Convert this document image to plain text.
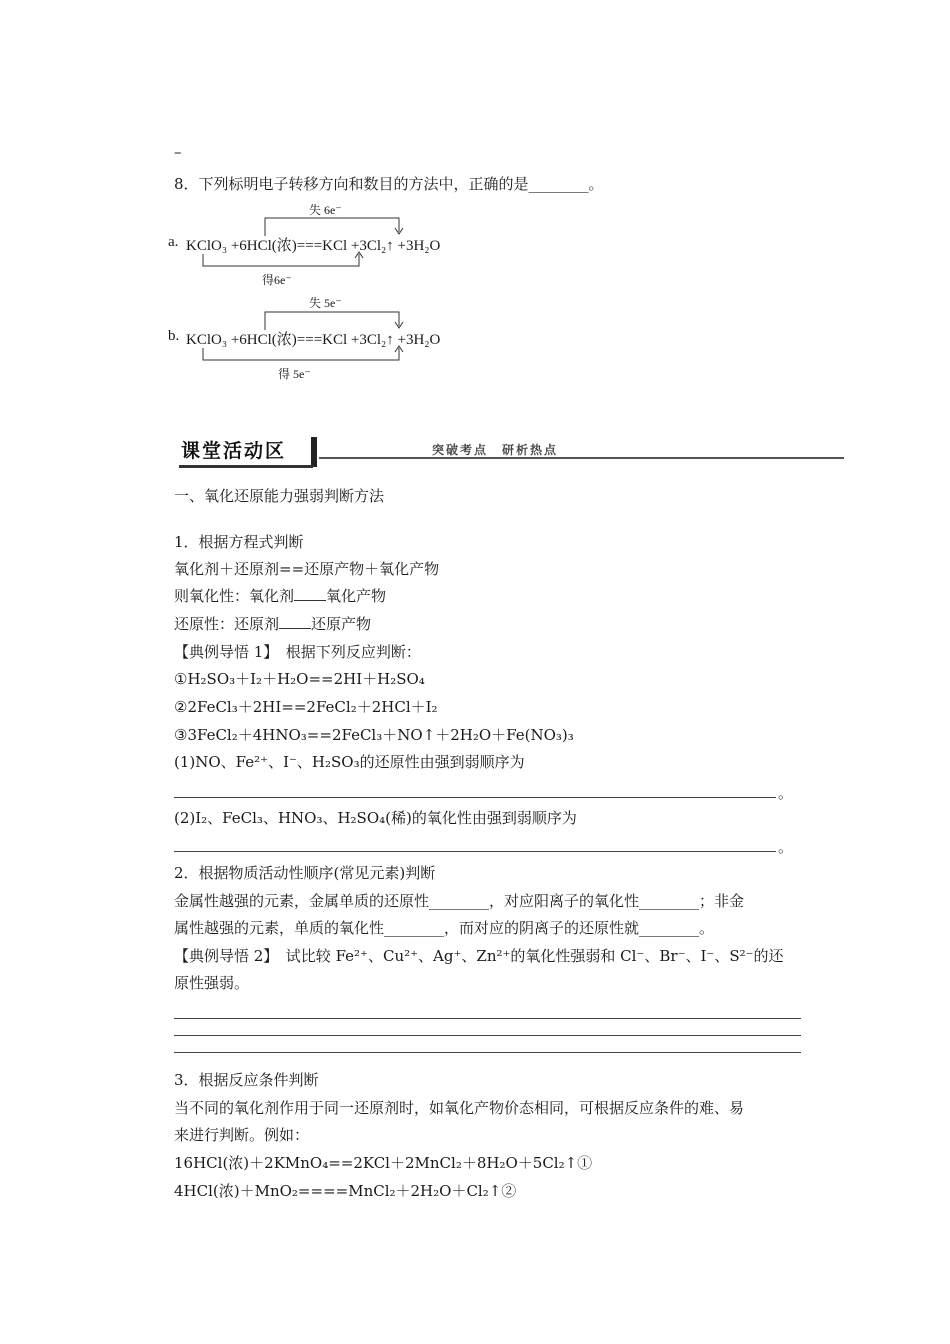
–
8．下列标明电子转移方向和数目的方法中，正确的是________。
失 6e⁻
a. KClO₃ +6HCl(浓)===KCl +3Cl₂↑ +3H₂O
得6e⁻
失 5e⁻
b. KClO₃ +6HCl(浓)===KCl +3Cl₂↑ +3H₂O
得 5e⁻
课堂活动区	突破考点　研析热点
一、氧化还原能力强弱判断方法
1．根据方程式判断
氧化剂＋还原剂==还原产物＋氧化产物
则氧化性：氧化剂 氧化产物
还原性：还原剂 还原产物
【典例导悟 1】　根据下列反应判断：
①H₂SO₃＋I₂＋H₂O==2HI＋H₂SO₄
②2FeCl₃＋2HI==2FeCl₂＋2HCl＋I₂
③3FeCl₂＋4HNO₃==2FeCl₃＋NO↑＋2H₂O＋Fe(NO₃)₃
(1)NO、Fe²⁺、I⁻、H₂SO₃的还原性由强到弱顺序为
。
(2)I₂、FeCl₃、HNO₃、H₂SO₄(稀)的氧化性由强到弱顺序为
。
2．根据物质活动性顺序(常见元素)判断
金属性越强的元素，金属单质的还原性________，对应阳离子的氧化性________；非金
属性越强的元素，单质的氧化性________，而对应的阴离子的还原性就________。
【典例导悟 2】　试比较 Fe²⁺、Cu²⁺、Ag⁺、Zn²⁺的氧化性强弱和 Cl⁻、Br⁻、I⁻、S²⁻的还
原性强弱。
3．根据反应条件判断
当不同的氧化剂作用于同一还原剂时，如氧化产物价态相同，可根据反应条件的难、易
来进行判断。例如：
16HCl(浓)＋2KMnO₄==2KCl＋2MnCl₂＋8H₂O＋5Cl₂↑①
4HCl(浓)＋MnO₂====MnCl₂＋2H₂O＋Cl₂↑②
